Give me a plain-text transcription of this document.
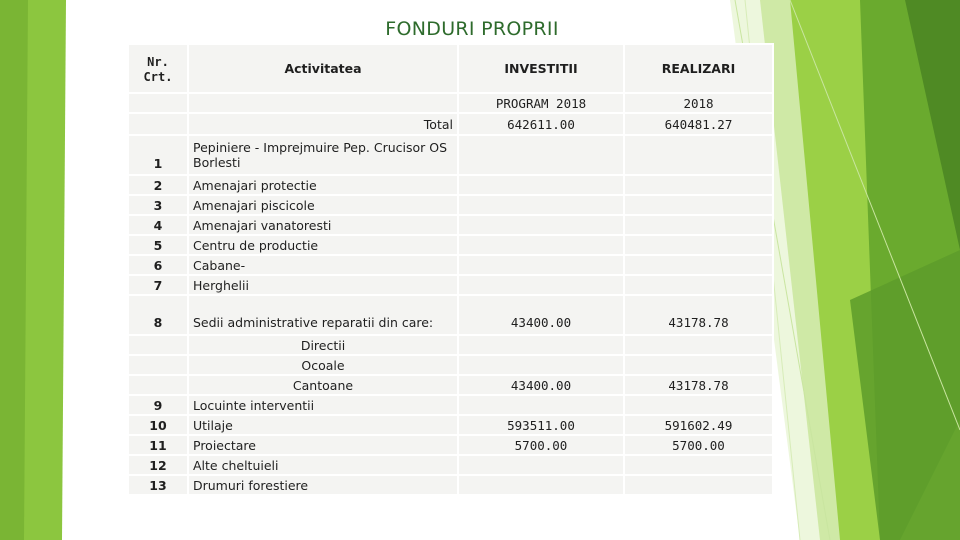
FONDURI PROPRII
Nr. Crt.	Activitatea	INVESTITII	REALIZARI
		PROGRAM 2018	2018
	Total	642611.00	640481.27
1	Pepiniere - Imprejmuire Pep. Crucisor OS Borlesti		
2	Amenajari protectie		
3	Amenajari piscicole		
4	Amenajari vanatoresti		
5	Centru de productie		
6	Cabane-		
7	Herghelii		
8	Sedii administrative reparatii din care:	43400.00	43178.78
	Directii		
	Ocoale		
	Cantoane	43400.00	43178.78
9	Locuinte interventii		
10	Utilaje	593511.00	591602.49
11	Proiectare	5700.00	5700.00
12	Alte cheltuieli		
13	Drumuri forestiere		
